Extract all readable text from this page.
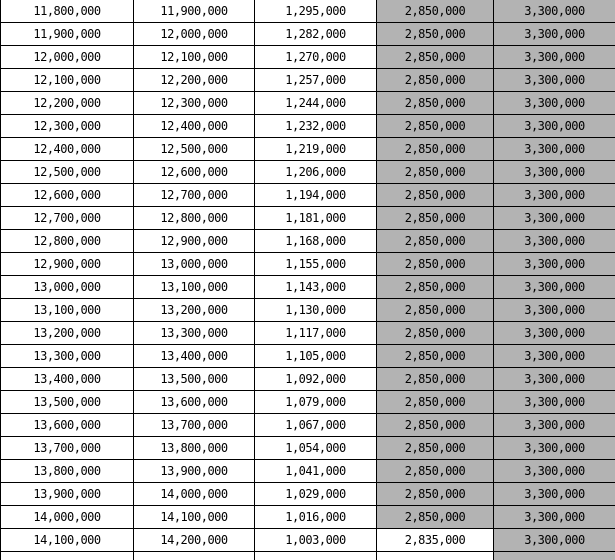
11,800,000	11,900,000	1,295,000	2,850,000	3,300,000
11,900,000	12,000,000	1,282,000	2,850,000	3,300,000
12,000,000	12,100,000	1,270,000	2,850,000	3,300,000
12,100,000	12,200,000	1,257,000	2,850,000	3,300,000
12,200,000	12,300,000	1,244,000	2,850,000	3,300,000
12,300,000	12,400,000	1,232,000	2,850,000	3,300,000
12,400,000	12,500,000	1,219,000	2,850,000	3,300,000
12,500,000	12,600,000	1,206,000	2,850,000	3,300,000
12,600,000	12,700,000	1,194,000	2,850,000	3,300,000
12,700,000	12,800,000	1,181,000	2,850,000	3,300,000
12,800,000	12,900,000	1,168,000	2,850,000	3,300,000
12,900,000	13,000,000	1,155,000	2,850,000	3,300,000
13,000,000	13,100,000	1,143,000	2,850,000	3,300,000
13,100,000	13,200,000	1,130,000	2,850,000	3,300,000
13,200,000	13,300,000	1,117,000	2,850,000	3,300,000
13,300,000	13,400,000	1,105,000	2,850,000	3,300,000
13,400,000	13,500,000	1,092,000	2,850,000	3,300,000
13,500,000	13,600,000	1,079,000	2,850,000	3,300,000
13,600,000	13,700,000	1,067,000	2,850,000	3,300,000
13,700,000	13,800,000	1,054,000	2,850,000	3,300,000
13,800,000	13,900,000	1,041,000	2,850,000	3,300,000
13,900,000	14,000,000	1,029,000	2,850,000	3,300,000
14,000,000	14,100,000	1,016,000	2,850,000	3,300,000
14,100,000	14,200,000	1,003,000	2,835,000	3,300,000
